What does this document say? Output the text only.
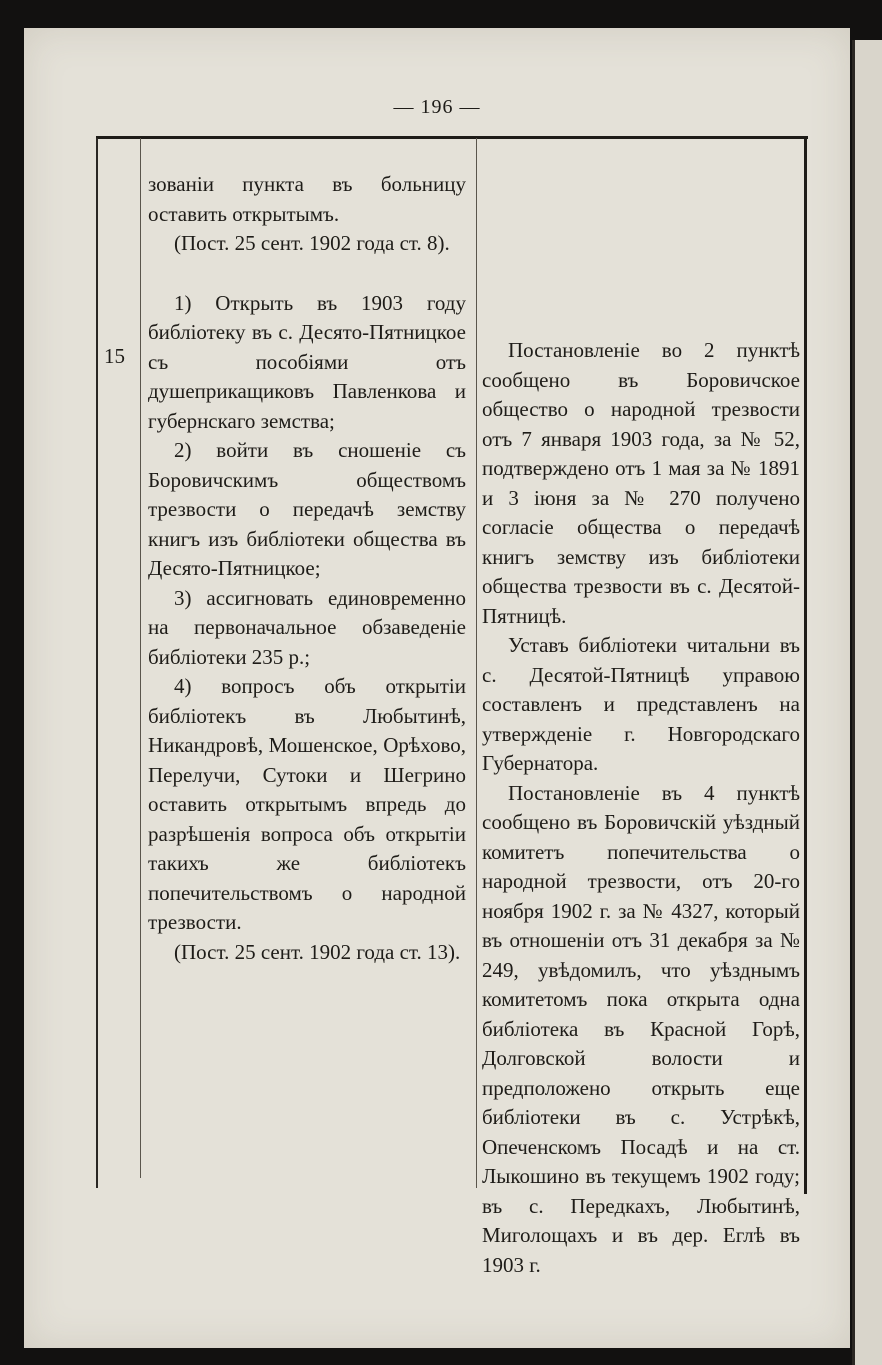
— 196 —
15

зованіи пункта въ больницу оставить открытымъ.

(Пост. 25 сент. 1902 года ст. 8).

1) Открыть въ 1903 году библіотеку въ с. Десято-Пятницкое съ пособіями отъ душеприкащиковъ Павленкова и губернскаго земства;

2) войти въ сношеніе съ Боровичскимъ обществомъ трезвости о передачѣ земству книгъ изъ библіотеки общества въ Десято-Пятницкое;

3) ассигновать единовременно на первоначальное обзаведеніе библіотеки 235 р.;

4) вопросъ объ открытіи библіотекъ въ Любытинѣ, Никандровѣ, Мошенское, Орѣхово, Перелучи, Сутоки и Шегрино оставить открытымъ впредь до разрѣшенія вопроса объ открытіи такихъ же библіотекъ попечительствомъ о народной трезвости.

(Пост. 25 сент. 1902 года ст. 13).

Постановленіе во 2 пунктѣ сообщено въ Боровичское общество о народной трезвости отъ 7 января 1903 года, за № 52, подтверждено отъ 1 мая за № 1891 и 3 іюня за № 270 получено согласіе общества о передачѣ книгъ земству изъ библіотеки общества трезвости въ с. Десятой-Пятницѣ.

Уставъ библіотеки читальни въ с. Десятой-Пятницѣ управою составленъ и представленъ на утвержденіе г. Новгородскаго Губернатора.

Постановленіе въ 4 пунктѣ сообщено въ Боровичскій уѣздный комитетъ попечительства о народной трезвости, отъ 20-го ноября 1902 г. за № 4327, который въ отношеніи отъ 31 декабря за № 249, увѣдомилъ, что уѣзднымъ комитетомъ пока открыта одна библіотека въ Красной Горѣ, Долговской волости и предположено открыть еще библіотеки въ с. Устрѣкѣ, Опеченскомъ Посадѣ и на ст. Лыкошино въ текущемъ 1902 году; въ с. Передкахъ, Любытинѣ, Миголощахъ и въ дер. Еглѣ въ 1903 г.
